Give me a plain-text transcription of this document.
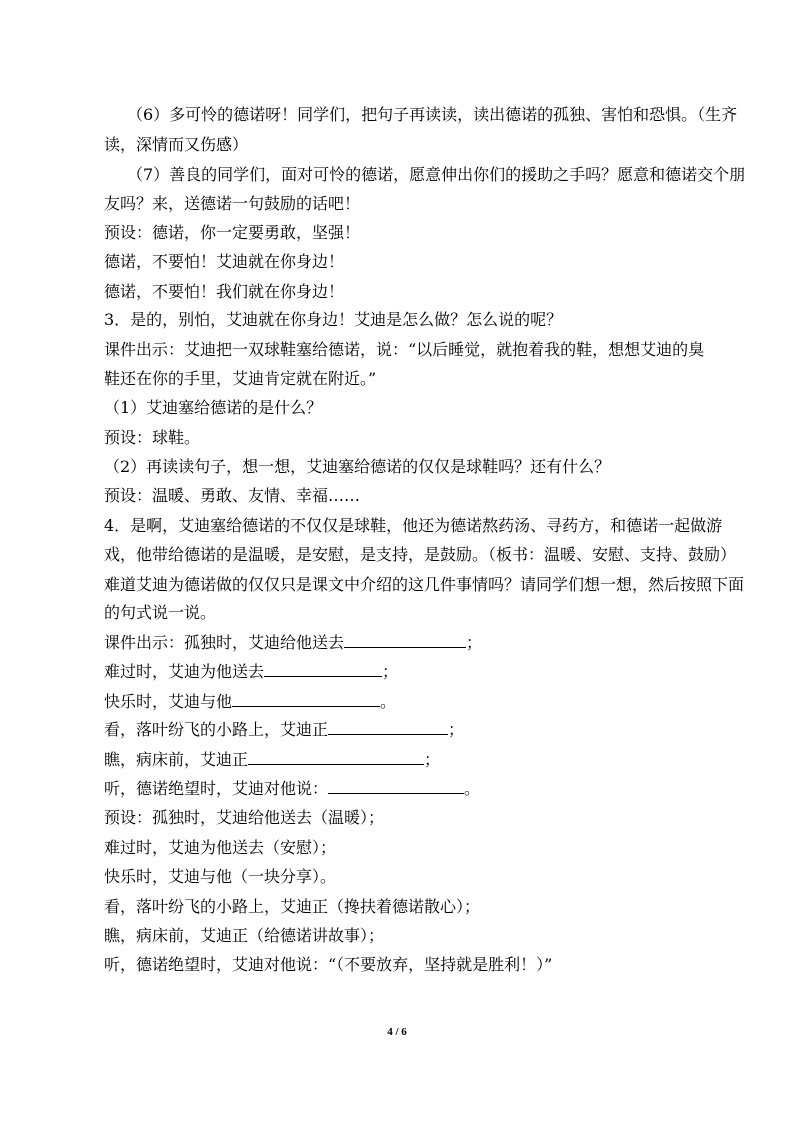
（6）多可怜的德诺呀！同学们，把句子再读读，读出德诺的孤独、害怕和恐惧。（生齐
读，深情而又伤感）
（7）善良的同学们，面对可怜的德诺，愿意伸出你们的援助之手吗？愿意和德诺交个朋
友吗？来，送德诺一句鼓励的话吧！
预设：德诺，你一定要勇敢，坚强！
德诺，不要怕！艾迪就在你身边！
德诺，不要怕！我们就在你身边！
3．是的，别怕，艾迪就在你身边！艾迪是怎么做？怎么说的呢？
课件出示：艾迪把一双球鞋塞给德诺，说：“以后睡觉，就抱着我的鞋，想想艾迪的臭
鞋还在你的手里，艾迪肯定就在附近。”
（1）艾迪塞给德诺的是什么？
预设：球鞋。
（2）再读读句子，想一想，艾迪塞给德诺的仅仅是球鞋吗？还有什么？
预设：温暖、勇敢、友情、幸福……
4．是啊，艾迪塞给德诺的不仅仅是球鞋，他还为德诺熬药汤、寻药方，和德诺一起做游
戏，他带给德诺的是温暖，是安慰，是支持，是鼓励。（板书：温暖、安慰、支持、鼓励）
难道艾迪为德诺做的仅仅只是课文中介绍的这几件事情吗？请同学们想一想，然后按照下面
的句式说一说。
课件出示：孤独时，艾迪给他送去	；
难过时，艾迪为他送去	；
快乐时，艾迪与他	。
看，落叶纷飞的小路上，艾迪正	；
瞧，病床前，艾迪正	；
听，德诺绝望时，艾迪对他说：	。
预设：孤独时，艾迪给他送去（温暖）；
难过时，艾迪为他送去（安慰）；
快乐时，艾迪与他（一块分享）。
看，落叶纷飞的小路上，艾迪正（搀扶着德诺散心）；
瞧，病床前，艾迪正（给德诺讲故事）；
听，德诺绝望时，艾迪对他说：“（不要放弃，坚持就是胜利！）”
4 / 6
